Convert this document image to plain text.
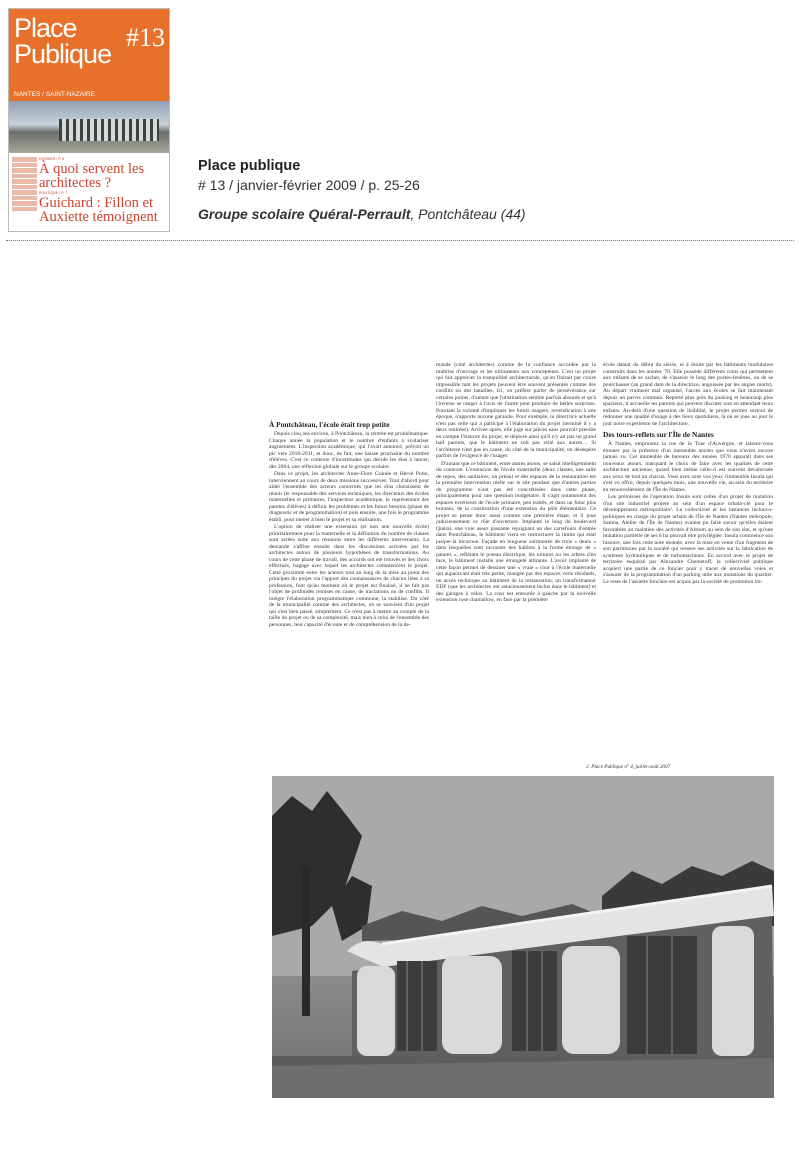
Place Publique
#13
NANTES / SAINT-NAZAIRE
DOSSIER / P. 5
À quoi servent les architectes ?
POLITIQUE / P. 7
Guichard : Fillon et Auxiette témoignent
Place publique
# 13 / janvier-février 2009 / p. 25-26
Groupe scolaire Quéral-Perrault, Pontchâteau (44)
À Pontchâteau, l'école était trop petite

Depuis cinq ans environ, à Pontchâteau, la rentrée est problématique. Chaque année la population et le nombre d'enfants à scolariser augmentent. L'inspection académique, qui l'avait annoncé, prévoit un pic vers 2010-2011, et donc, de fait, une baisse prochaine du nombre d'élèves. C'est ce contexte d'incertitudes qui décide les élus à lancer, dès 2004, une réflexion globale sur le groupe scolaire.

Dans ce projet, les architectes Anne-Flore Guinée et Hervé Potin, interviennent au cours de deux missions successives. Tout d'abord pour aider l'ensemble des acteurs concernés que les élus choisissent de réunir (le responsable des services techniques, les directeurs des écoles maternelles et primaires, l'inspecteur académique, le représentant des parents d'élèves) à définir les problèmes et les futurs besoins (phase de diagnostic et de programmation) et puis ensuite, une fois le programme établi, pour mener à bien le projet et sa réalisation.

L'option de réaliser une extension (et non une nouvelle école) prioritairement pour la maternelle et la définition du nombre de classes sont actées suite aux réunions entre les différents intervenants. La demande s'affine ensuite dans les discussions activées par les architectes autour de plusieurs hypothèses de transformations. Au cours de cette phase de travail, des accords ont été trouvés et des choix effectués, bagage avec lequel les architectes commencent le projet. Cette proximité entre les acteurs tout au long de la mise au point des principes du projet via l'apport des connaissances de chacun liées à sa profession, font qu'au moment où le projet est finalisé, il ne fait pas l'objet de profondes remises en cause, de tractations ou de conflits. Il intègre l'élaboration programmatique commune, la stabilise. Du côté de la municipalité comme des architectes, on se souvient d'un projet qui s'est bien passé, simplement. Ce n'est pas à mettre au compte de la taille du projet ou de sa complexité, mais bien à celui de l'ensemble des personnes, leur capacité d'écoute et de compréhension de la de-

mande (côté architectes) comme de la confiance accordée par la maîtrise d'ouvrage et les utilisateurs aux concepteurs. C'est un projet qui fait apprécier la tranquillité architecturale, qu'on finirait par croire impossible tant les projets peuvent être souvent présentés comme des conflits ou des batailles. Ici, on préfère parler de persévérance sur certains points, d'autant que l'obstination semble parfois absurde et qu'à l'inverse se ranger à l'avis de l'autre peut produire de belles surprises. Pourtant la volonté d'impliquer les futurs usagers, revendication à une époque, n'apporte aucune garantie. Pour exemple, la directrice actuelle n'est pas celle qui a participé à l'élaboration du projet (terminé il y a deux rentrées). Arrivée après, elle juge sur pièces sans pouvoir prendre en compte l'histoire du projet, et déplore ainsi qu'il n'y ait pas un grand hall parents, que le bâtiment ne soit pas relié aux autres… Si l'architecte n'est pas en cause, du côté de la municipalité, on désespère parfois de l'exigence de l'usager.

D'autant que ce bâtiment, entre autres atouts, se saisit intelligemment du contexte. L'extension de l'école maternelle (deux classes, une salle de repos, des sanitaires, un préau) et des espaces de la restauration est la première intervention réelle sur le site pendant que d'autres parties du programme n'ont pas été concrétisées dans cette phase, principalement pour une question budgétaire. Il s'agit notamment des espaces extérieurs de l'école primaire, peu traités, et dans un futur plus lointain, de la construction d'une extension du pôle élémentaire. Ce projet se pense donc aussi comme une première étape, et il joue judicieusement ce rôle d'ouverture. Implanté le long du boulevard Quéral, une voie assez passante rejoignant un des carrefours d'entrée dans Pontchâteau, le bâtiment vient en restructurer la limite qui était jusque-là bicornue. Façade en longueur surmontée de trois « dents » dans lesquelles sont incrustés des hublots à la forme étrange de « patates », reflétant le poteau électrique, les toitures ou les arbres d'en face, le bâtiment installe une étrangeté attirante. L'avoir implanté de cette façon permet de dessiner une « vraie » cour à l'école maternelle qui auparavant était très petite, mangée par des espaces verts résiduels, un accès technique au bâtiment de la restauration, un transformateur EDF (que les architectes ont astucieusement inclus dans le bâtiment) et des garages à vélos. La cour est entourée à gauche par la nouvelle extension rose chamallow, en face par la première

école datant du début du siècle, et à droite par les bâtiments modulaires construits dans les années '70. Elle possède différents coins qui permettent aux enfants de se cacher, de s'asseoir le long des portes-fenêtres, ou de se pourchasser (au grand dam de la directrice, angoissée par les angles morts). Au départ vraiment mal organisé, l'accès aux écoles se fait maintenant depuis un parvis commun. Reporté plus près du parking et beaucoup plus spacieux, il accueille les parents qui peuvent discuter tout en attendant leurs enfants. Au-delà d'une question de lisibilité, le projet permet surtout de redonner une qualité d'usage à des lieux quotidiens, là où se joue au jour le jour notre expérience de l'architecture.

Des tours-reflets sur l'Île de Nantes

À Nantes, empruntez la rue de la Tour d'Auvergne, et laissez-vous étonner par la présence d'un immeuble ancien que vous n'aviez encore jamais vu. Cet immeuble de bureaux des années 1970 apparaît dans ses nouveaux atours, marquant le choix de faire avec les qualités de cette architecture ancienne, quand bien même celle-ci est souvent dévalorisée aux yeux de tout un chacun. Vous avez sous vos yeux l'immeuble Insula qui s'est vu offrir, depuis quelques mois, une nouvelle vie, au sein du territoire en renouvellement de l'Île de Nantes.

Les prémisses de l'opération Insula sont celles d'un projet de mutation d'un site industriel projeté au sein d'un espace urbain-clé pour le développement métropolitain². La collectivité et les instances technico-politiques en charge du projet urbain de l'Île de Nantes (Nantes métropole, Samoa, Atelier de l'Île de Nantes) avaient pu faire savoir qu'elles étaient favorables au maintien des activités d'Alstom au sein de son site, et qu'une mutation partielle de ses 6 ha pouvait être privilégiée. Insula commence son histoire, une fois cette note donnée, avec la mise en vente d'un fragment de son patrimoine par la société qui ressere ses activités sur la fabrication de systèmes hydrauliques et de turbomachines. En accord avec le projet de territoire esquissé par Alexandre Chemetoff, la collectivité publique acquiert une partie de ce foncier pour y tracer de nouvelles voies et s'assurer de la programmation d'un parking utile aux mutations du quartier. Le reste de l'assiette foncière est acquis par la société de promotion im-

2. Place Publique n° 4, juillet-août 2007
